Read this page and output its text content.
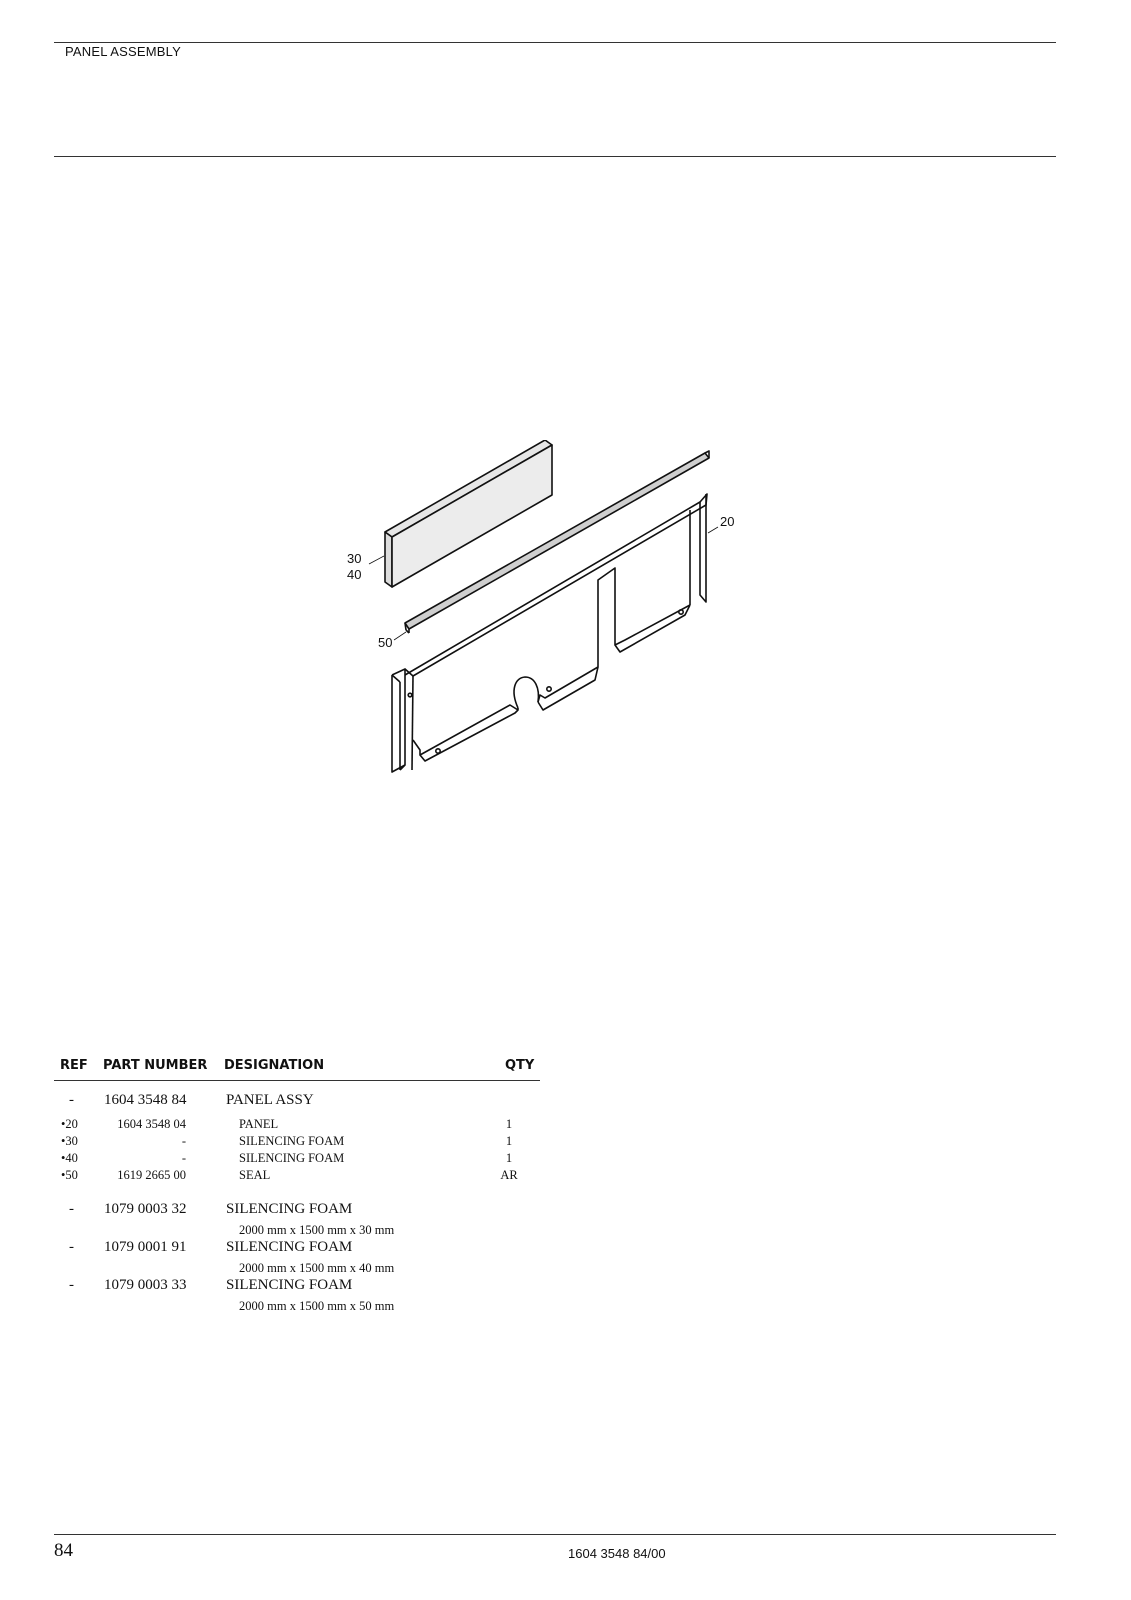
PANEL ASSEMBLY
30
40
50
20
REF PART NUMBER DESIGNATION	QTY
- 1604 3548 84	PANEL ASSY
•20	1604 3548 04	PANEL	1
•30	-	SILENCING FOAM	1
•40	-	SILENCING FOAM	1
•50	1619 2665 00	SEAL	AR
- 1079 0003 32	SILENCING FOAM
2000 mm x 1500 mm x 30 mm
- 1079 0001 91	SILENCING FOAM
2000 mm x 1500 mm x 40 mm
- 1079 0003 33	SILENCING FOAM
2000 mm x 1500 mm x 50 mm
84	1604 3548 84/00
